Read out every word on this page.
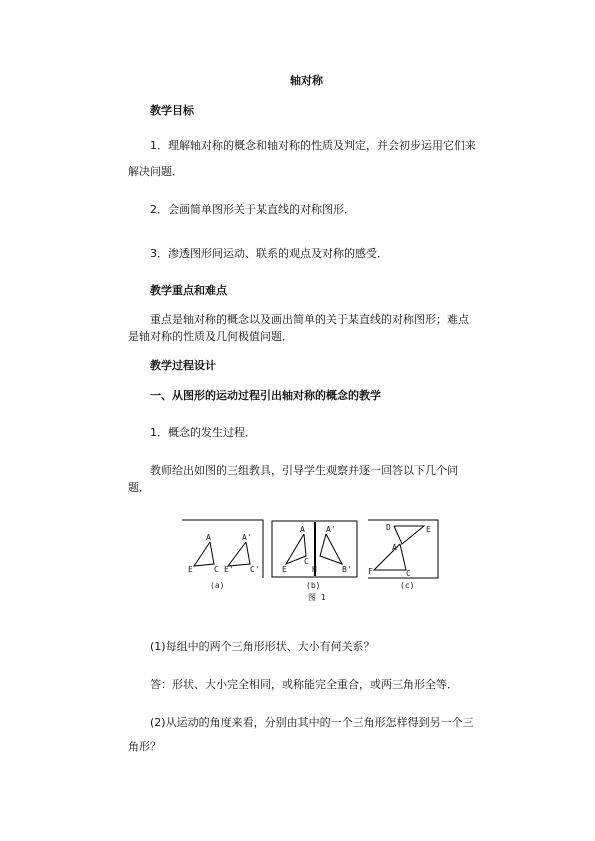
轴对称
教学目标
1．理解轴对称的概念和轴对称的性质及判定，并会初步运用它们来
解决问题．
2．会画简单图形关于某直线的对称图形．
3．渗透图形间运动、联系的观点及对称的感受．
教学重点和难点
重点是轴对称的概念以及画出简单的关于某直线的对称图形；难点
是轴对称的性质及几何极值问题．
教学过程设计
一、从图形的运动过程引出轴对称的概念的教学
1．概念的发生过程．
教师给出如图的三组教具，引导学生观察并逐一回答以下几个问
题．
A	A'
E	C E' C'
(a)
A	A'
E
C
B'
H
(b)
图 1
D	E
A
F	C
(c)
(1)每组中的两个三角形形状、大小有何关系？
答：形状、大小完全相同，或称能完全重合，或两三角形全等．
(2)从运动的角度来看，分别由其中的一个三角形怎样得到另一个三
角形？
